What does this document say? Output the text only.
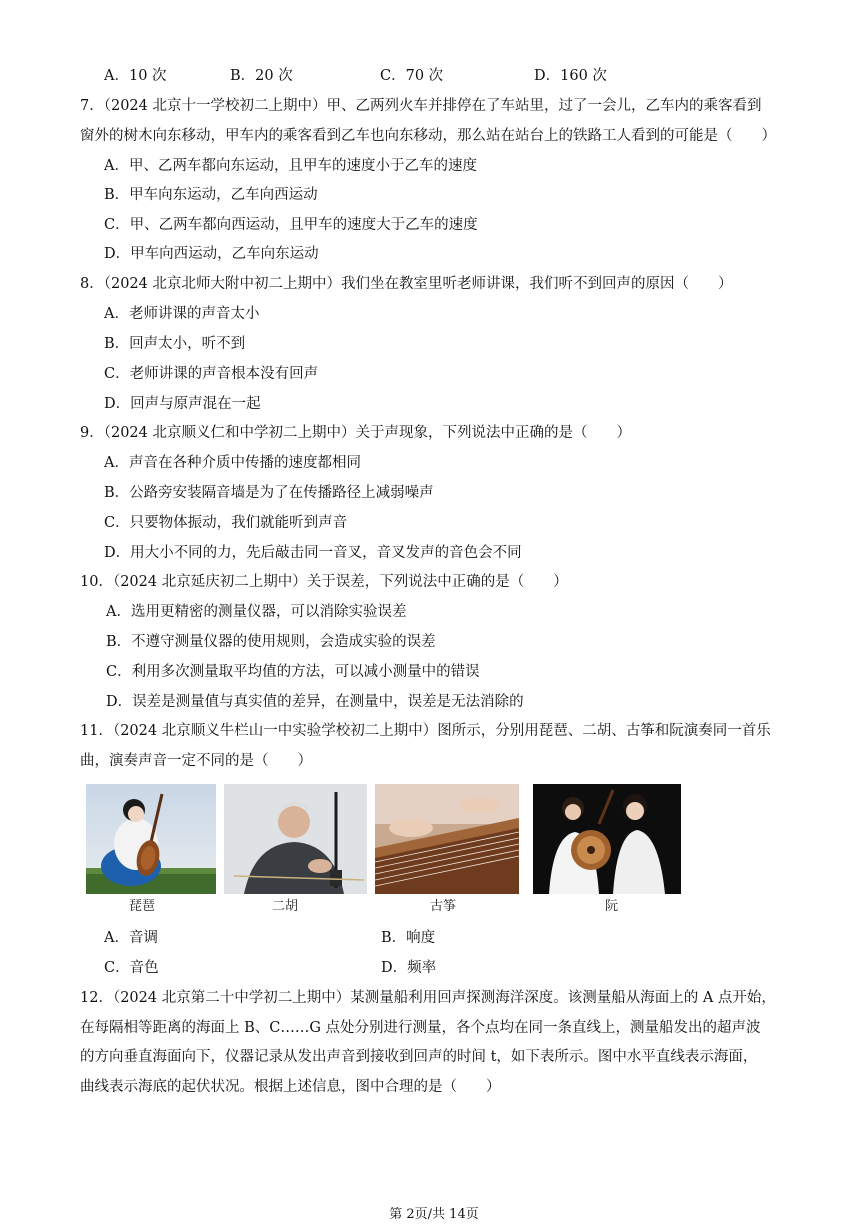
A．10 次	B．20 次	C．70 次	D．160 次
7．（2024 北京十一学校初二上期中）甲、乙两列火车并排停在了车站里，过了一会儿，乙车内的乘客看到
窗外的树木向东移动，甲车内的乘客看到乙车也向东移动，那么站在站台上的铁路工人看到的可能是（　　）
A．甲、乙两车都向东运动，且甲车的速度小于乙车的速度
B．甲车向东运动，乙车向西运动
C．甲、乙两车都向西运动，且甲车的速度大于乙车的速度
D．甲车向西运动，乙车向东运动
8．（2024 北京北师大附中初二上期中）我们坐在教室里听老师讲课，我们听不到回声的原因（　　）
A．老师讲课的声音太小
B．回声太小，听不到
C．老师讲课的声音根本没有回声
D．回声与原声混在一起
9．（2024 北京顺义仁和中学初二上期中）关于声现象，下列说法中正确的是（　　）
A．声音在各种介质中传播的速度都相同
B．公路旁安装隔音墙是为了在传播路径上减弱噪声
C．只要物体振动，我们就能听到声音
D．用大小不同的力，先后敲击同一音叉，音叉发声的音色会不同
10．（2024 北京延庆初二上期中）关于误差，下列说法中正确的是（　　）
A．选用更精密的测量仪器，可以消除实验误差
B．不遵守测量仪器的使用规则，会造成实验的误差
C．利用多次测量取平均值的方法，可以减小测量中的错误
D．误差是测量值与真实值的差异，在测量中，误差是无法消除的
11．（2024 北京顺义牛栏山一中实验学校初二上期中）图所示，分别用琵琶、二胡、古筝和阮演奏同一首乐
曲，演奏声音一定不同的是（　　）
琵琶	二胡	古筝	阮
A．音调	B．响度
C．音色	D．频率
12．（2024 北京第二十中学初二上期中）某测量船利用回声探测海洋深度。该测量船从海面上的 A 点开始，
在每隔相等距离的海面上 B、C……G 点处分别进行测量，各个点均在同一条直线上，测量船发出的超声波
的方向垂直海面向下，仪器记录从发出声音到接收到回声的时间 t，如下表所示。图中水平直线表示海面，
曲线表示海底的起伏状况。根据上述信息，图中合理的是（　　）
第 2页/共 14页
